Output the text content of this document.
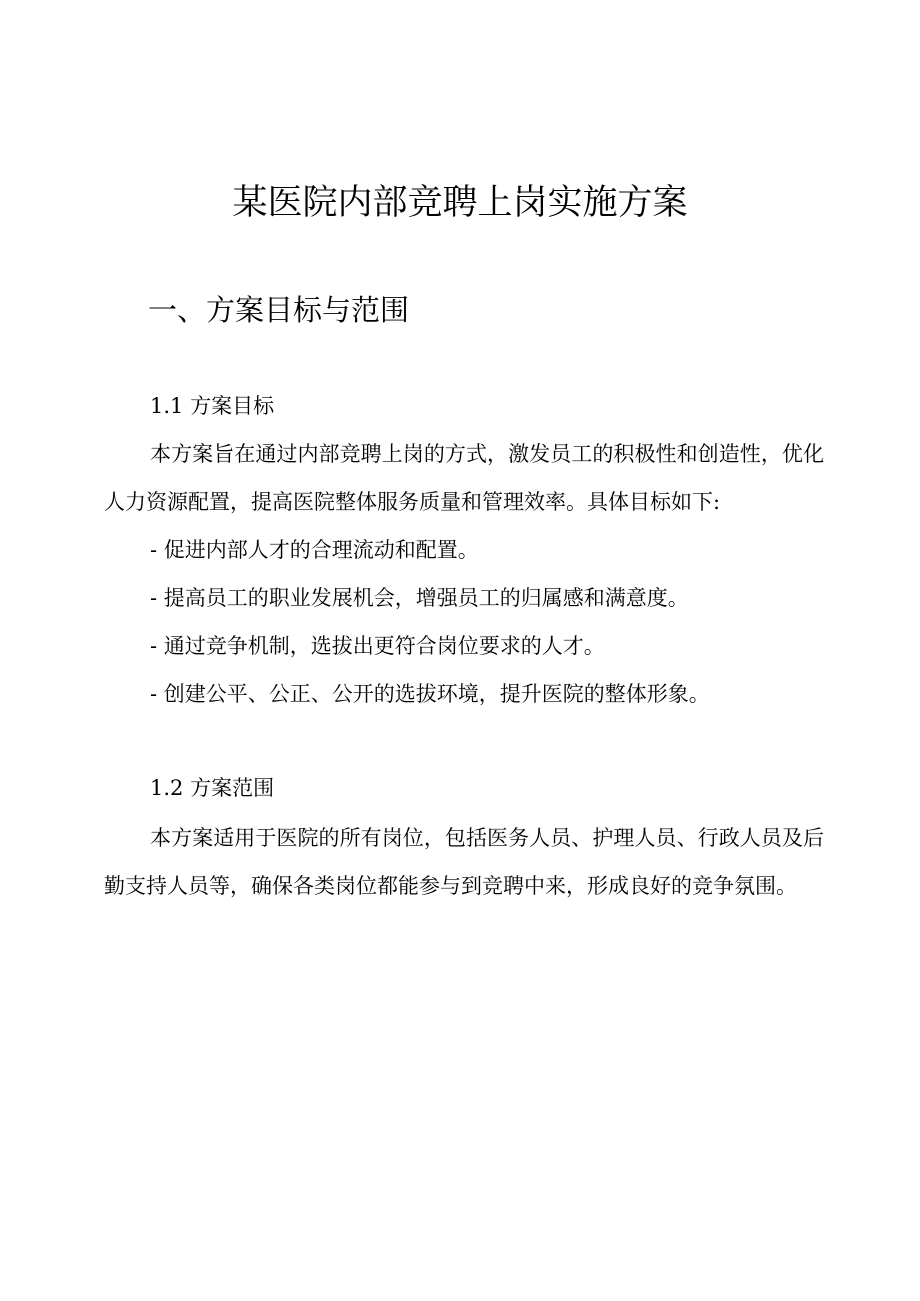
某医院内部竞聘上岗实施方案
一、方案目标与范围
1.1 方案目标

本方案旨在通过内部竞聘上岗的方式，激发员工的积极性和创造性，优化人力资源配置，提高医院整体服务质量和管理效率。具体目标如下:

- 促进内部人才的合理流动和配置。
- 提高员工的职业发展机会，增强员工的归属感和满意度。
- 通过竞争机制，选拔出更符合岗位要求的人才。
- 创建公平、公正、公开的选拔环境，提升医院的整体形象。
1.2 方案范围

本方案适用于医院的所有岗位，包括医务人员、护理人员、行政人员及后勤支持人员等，确保各类岗位都能参与到竞聘中来，形成良好的竞争氛围。
